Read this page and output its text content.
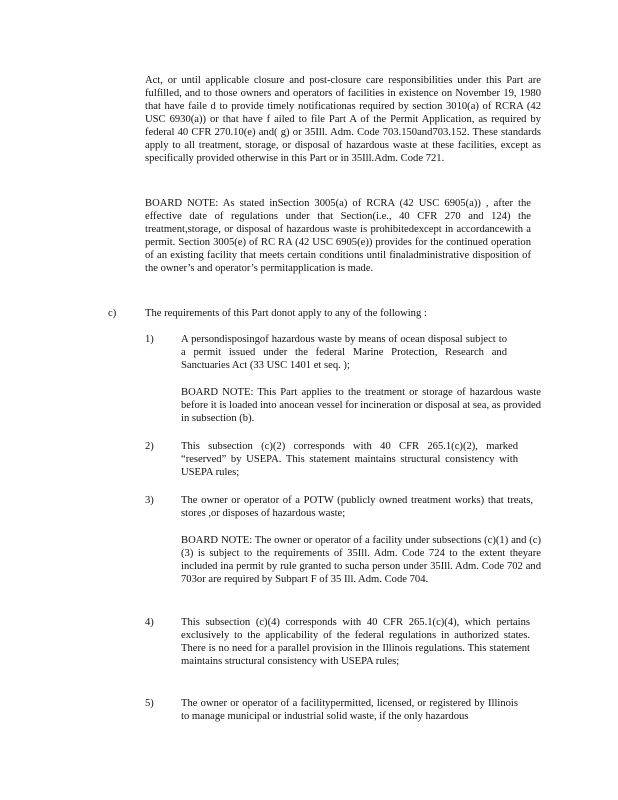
Act, or until applicable closure and post-closure care responsibilities under this Part are fulfilled, and to those owners and operators of facilities in existence on November 19, 1980 that have faile d to provide timely notificationas required by section 3010(a) of RCRA (42 USC 6930(a)) or that have f ailed to file Part A of the Permit Application, as required by federal 40 CFR 270.10(e) and( g) or 35Ill. Adm. Code 703.150and703.152. These standards apply to all treatment, storage, or disposal of hazardous waste at these facilities, except as specifically provided otherwise in this Part or in 35Ill.Adm. Code 721.

BOARD NOTE: As stated inSection 3005(a) of RCRA (42 USC 6905(a)) , after the effective date of regulations under that Section(i.e., 40 CFR 270 and 124) the treatment,storage, or disposal of hazardous waste is prohibitedexcept in accordancewith a permit. Section 3005(e) of RC RA (42 USC 6905(e)) provides for the continued operation of an existing facility that meets certain conditions until finaladministrative disposition of the owner’s and operator’s permitapplication is made.

c)	The requirements of this Part donot apply to any of the following :

1)	A persondisposingof hazardous waste by means of ocean disposal subject to a permit issued under the federal Marine Protection, Research and Sanctuaries Act (33 USC 1401 et seq. );

BOARD NOTE: This Part applies to the treatment or storage of hazardous waste before it is loaded into anocean vessel for incineration or disposal at sea, as provided in subsection (b).

2)	This subsection (c)(2) corresponds with 40 CFR 265.1(c)(2), marked “reserved” by USEPA. This statement maintains structural consistency with USEPA rules;

3)	The owner or operator of a POTW (publicly owned treatment works) that treats, stores ,or disposes of hazardous waste;

BOARD NOTE: The owner or operator of a facility under subsections (c)(1) and (c)(3) is subject to the requirements of 35Ill. Adm. Code 724 to the extent theyare included ina permit by rule granted to sucha person under 35Ill. Adm. Code 702 and 703or are required by Subpart F of 35 Ill. Adm. Code 704.

4)	This subsection (c)(4) corresponds with 40 CFR 265.1(c)(4), which pertains exclusively to the applicability of the federal regulations in authorized states. There is no need for a parallel provision in the Illinois regulations. This statement maintains structural consistency with USEPA rules;

5)	The owner or operator of a facilitypermitted, licensed, or registered by Illinois to manage municipal or industrial solid waste, if the only hazardous
